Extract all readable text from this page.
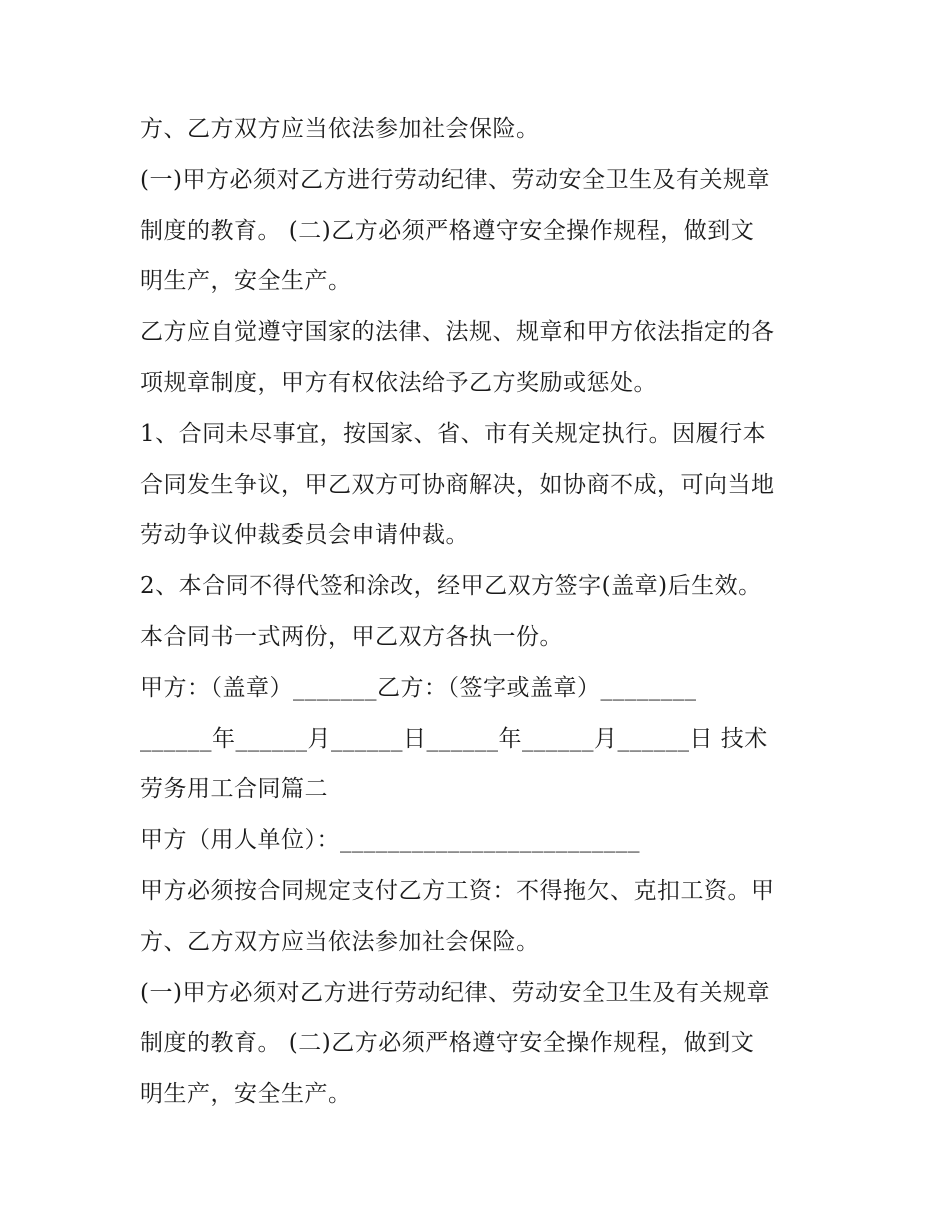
方、乙方双方应当依法参加社会保险。
(一)甲方必须对乙方进行劳动纪律、劳动安全卫生及有关规章
制度的教育。 (二)乙方必须严格遵守安全操作规程，做到文
明生产，安全生产。
乙方应自觉遵守国家的法律、法规、规章和甲方依法指定的各
项规章制度，甲方有权依法给予乙方奖励或惩处。
1、合同未尽事宜，按国家、省、市有关规定执行。因履行本
合同发生争议，甲乙双方可协商解决，如协商不成，可向当地
劳动争议仲裁委员会申请仲裁。
2、本合同不得代签和涂改，经甲乙双方签字(盖章)后生效。
本合同书一式两份，甲乙双方各执一份。
甲方：（盖章）_______乙方：（签字或盖章）________
______年______月______日______年______月______日 技术
劳务用工合同篇二
甲方（用人单位）：_________________________
甲方必须按合同规定支付乙方工资：不得拖欠、克扣工资。甲
方、乙方双方应当依法参加社会保险。
(一)甲方必须对乙方进行劳动纪律、劳动安全卫生及有关规章
制度的教育。 (二)乙方必须严格遵守安全操作规程，做到文
明生产，安全生产。
